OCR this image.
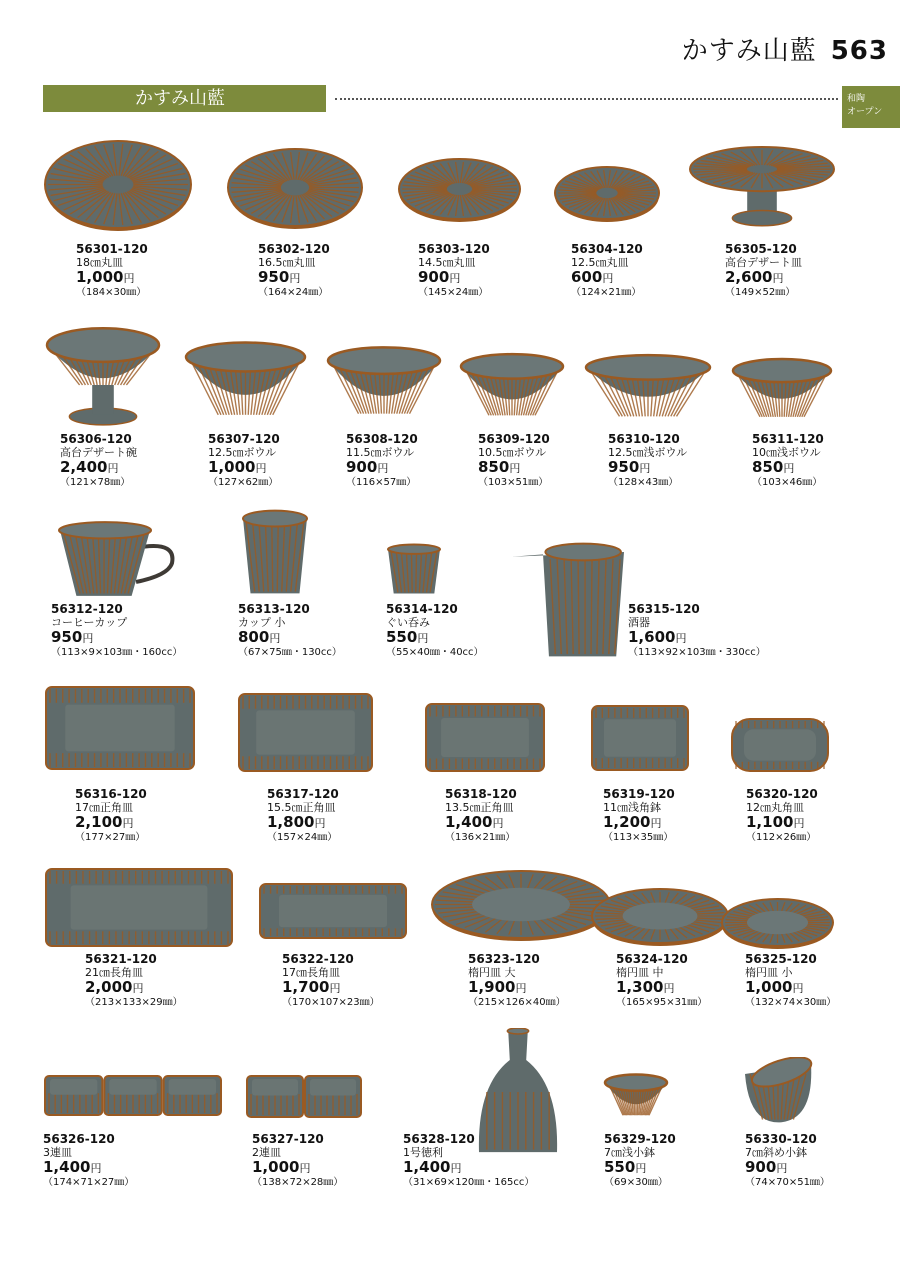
かすみ山藍 563
かすみ山藍	和陶
オープン
56301-120
18㎝丸皿
1,000円
（184×30㎜）
56302-120
16.5㎝丸皿
950円
（164×24㎜）
56303-120
14.5㎝丸皿
900円
（145×24㎜）
56304-120
12.5㎝丸皿
600円
（124×21㎜）
56305-120
高台デザート皿
2,600円
（149×52㎜）
56306-120
高台デザート碗
2,400円
（121×78㎜）
56307-120
12.5㎝ボウル
1,000円
（127×62㎜）
56308-120
11.5㎝ボウル
900円
（116×57㎜）
56309-120
10.5㎝ボウル
850円
（103×51㎜）
56310-120
12.5㎝浅ボウル
950円
（128×43㎜）
56311-120
10㎝浅ボウル
850円
（103×46㎜）
56312-120
コーヒーカップ
950円
（113×9×103㎜・160cc）
56313-120
カップ 小
800円
（67×75㎜・130cc）
56314-120
ぐい呑み
550円
（55×40㎜・40cc）
56315-120
酒器
1,600円
（113×92×103㎜・330cc）
56316-120
17㎝正角皿
2,100円
（177×27㎜）
56317-120
15.5㎝正角皿
1,800円
（157×24㎜）
56318-120
13.5㎝正角皿
1,400円
（136×21㎜）
56319-120
11㎝浅角鉢
1,200円
（113×35㎜）
56320-120
12㎝丸角皿
1,100円
（112×26㎜）
56321-120
21㎝長角皿
2,000円
（213×133×29㎜）
56322-120
17㎝長角皿
1,700円
（170×107×23㎜）
56323-120
楕円皿 大
1,900円
（215×126×40㎜）
56324-120
楕円皿 中
1,300円
（165×95×31㎜）
56325-120
楕円皿 小
1,000円
（132×74×30㎜）
56326-120
3連皿
1,400円
（174×71×27㎜）
56327-120
2連皿
1,000円
（138×72×28㎜）
56328-120
1号徳利
1,400円
（31×69×120㎜・165cc）
56329-120
7㎝浅小鉢
550円
（69×30㎜）
56330-120
7㎝斜め小鉢
900円
（74×70×51㎜）
